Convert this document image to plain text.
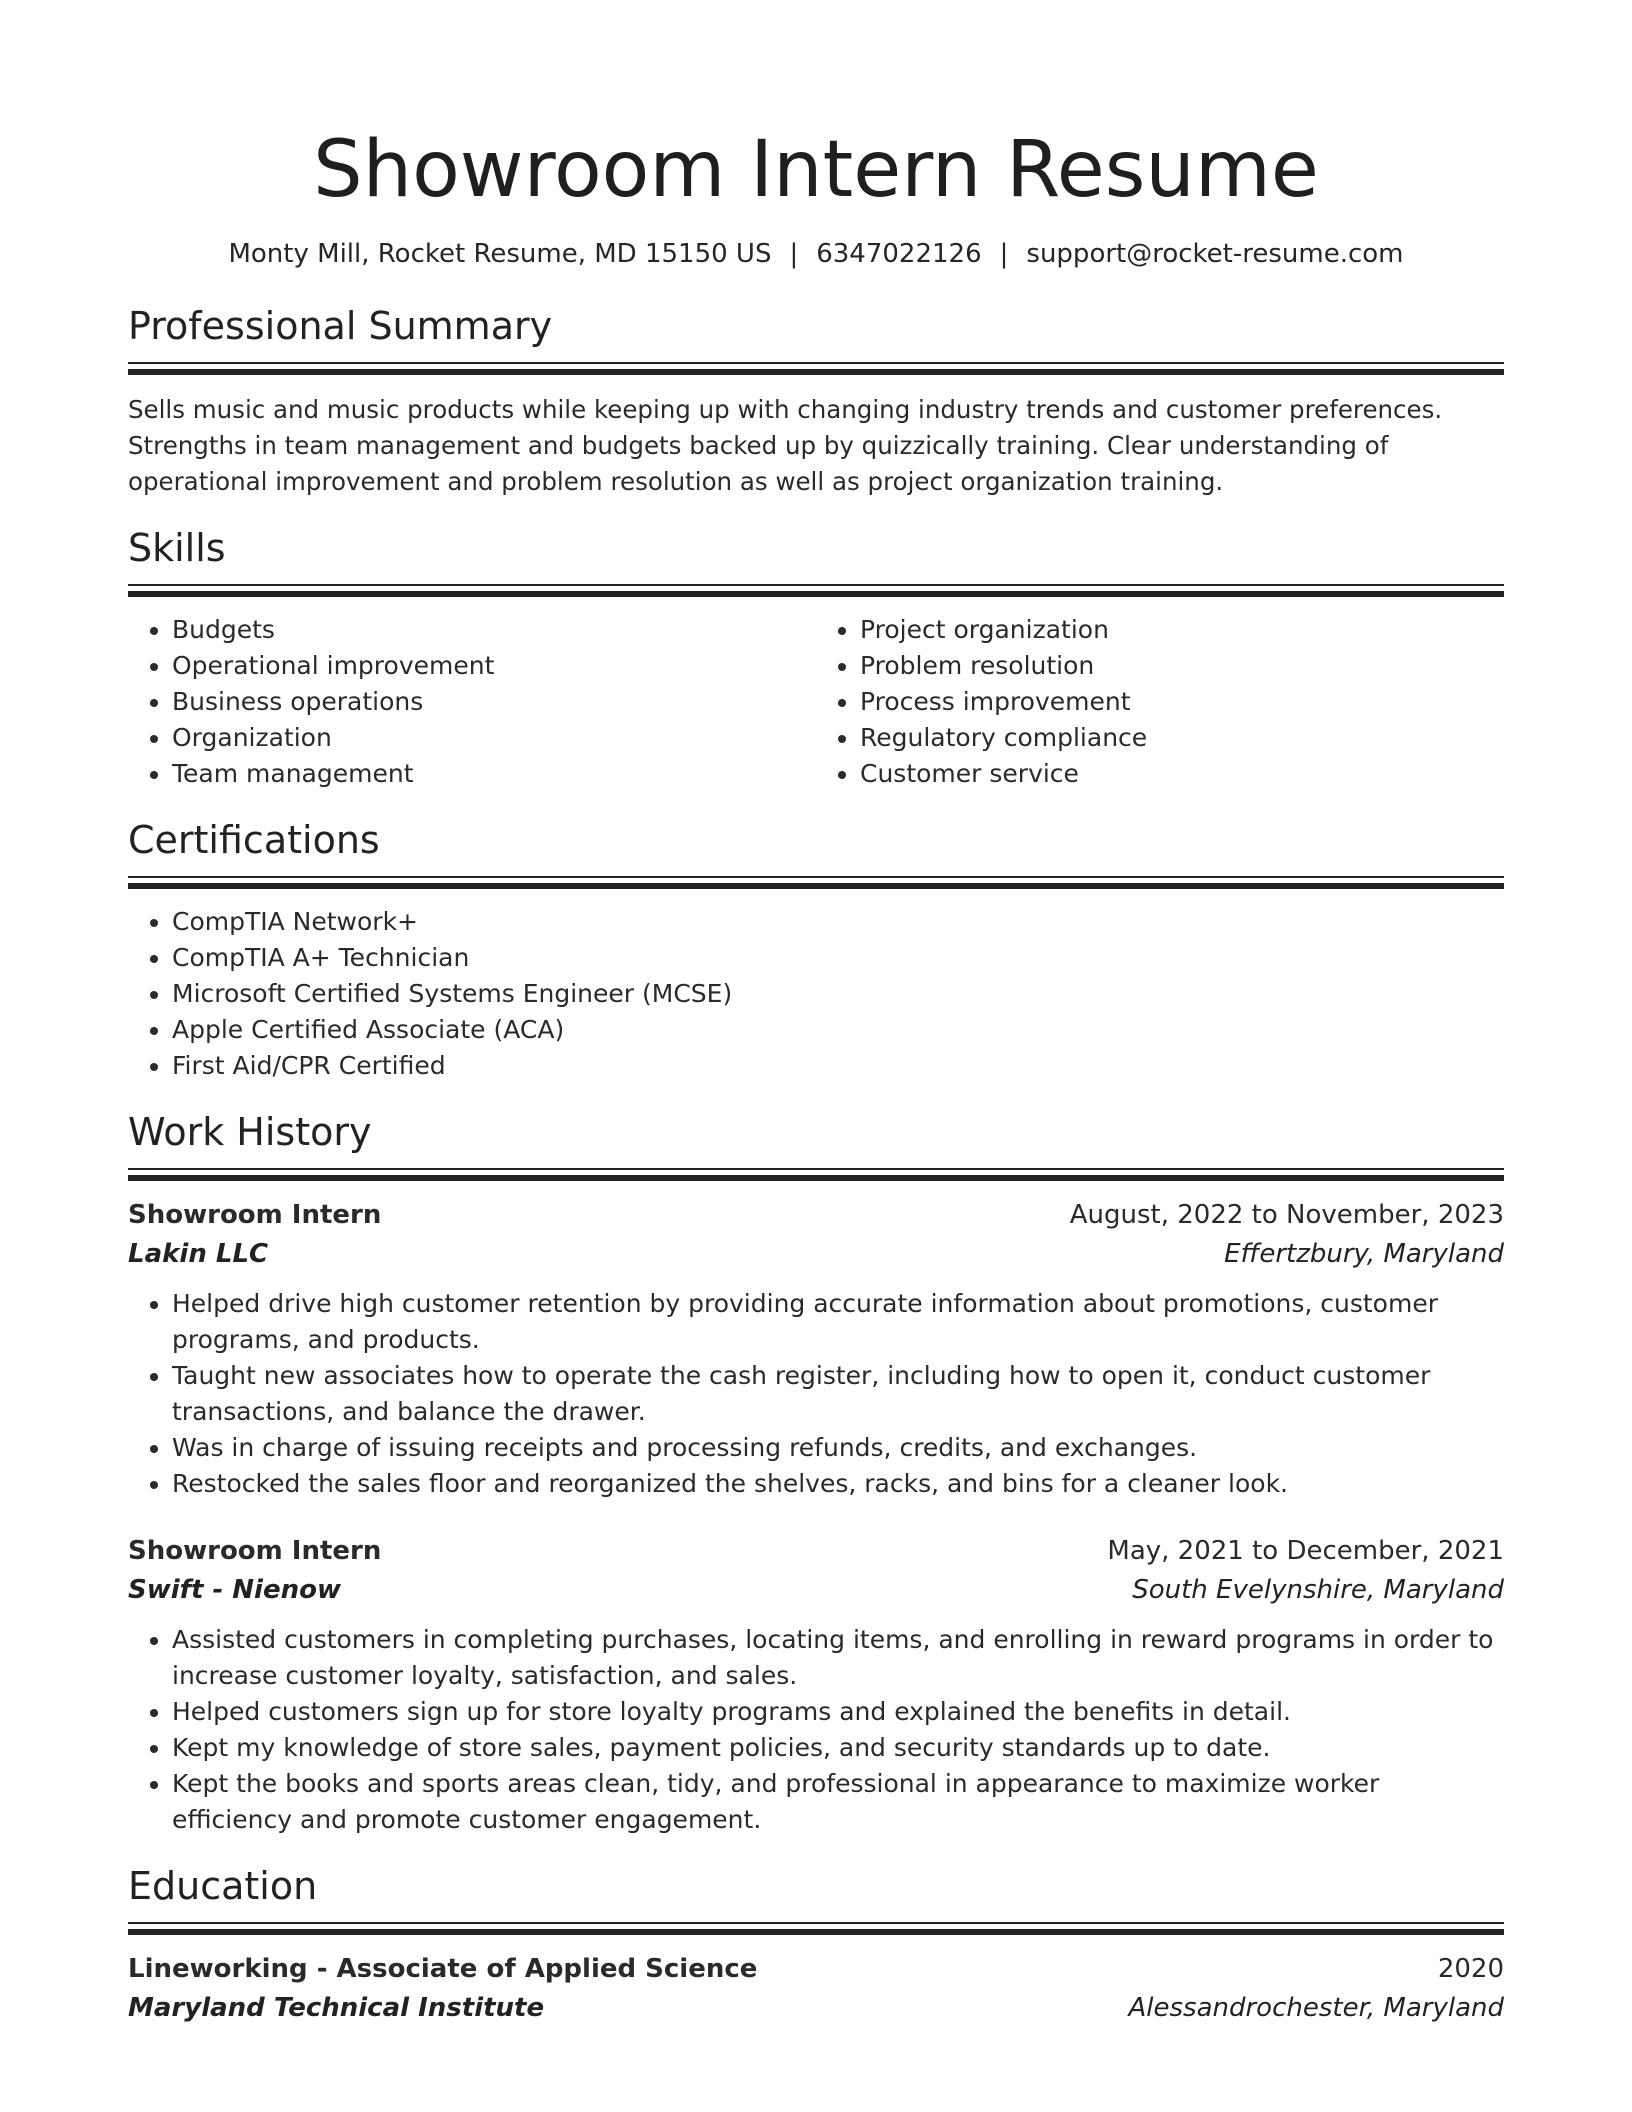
Showroom Intern Resume
Monty Mill, Rocket Resume, MD 15150 US | 6347022126 | support@rocket-resume.com
Professional Summary

Sells music and music products while keeping up with changing industry trends and customer preferences. Strengths in team management and budgets backed up by quizzically training. Clear understanding of operational improvement and problem resolution as well as project organization training.

Skills
• Budgets
• Operational improvement
• Business operations
• Organization
• Team management
• Project organization
• Problem resolution
• Process improvement
• Regulatory compliance
• Customer service
Certifications
• CompTIA Network+
• CompTIA A+ Technician
• Microsoft Certified Systems Engineer (MCSE)
• Apple Certified Associate (ACA)
• First Aid/CPR Certified
Work History
Showroom Intern	August, 2022 to November, 2023
Lakin LLC	Effertzbury, Maryland
• Helped drive high customer retention by providing accurate information about promotions, customer programs, and products.
• Taught new associates how to operate the cash register, including how to open it, conduct customer transactions, and balance the drawer.
• Was in charge of issuing receipts and processing refunds, credits, and exchanges.
• Restocked the sales floor and reorganized the shelves, racks, and bins for a cleaner look.
Showroom Intern	May, 2021 to December, 2021
Swift - Nienow	South Evelynshire, Maryland
• Assisted customers in completing purchases, locating items, and enrolling in reward programs in order to increase customer loyalty, satisfaction, and sales.
• Helped customers sign up for store loyalty programs and explained the benefits in detail.
• Kept my knowledge of store sales, payment policies, and security standards up to date.
• Kept the books and sports areas clean, tidy, and professional in appearance to maximize worker efficiency and promote customer engagement.
Education
Lineworking - Associate of Applied Science	2020
Maryland Technical Institute	Alessandrochester, Maryland
